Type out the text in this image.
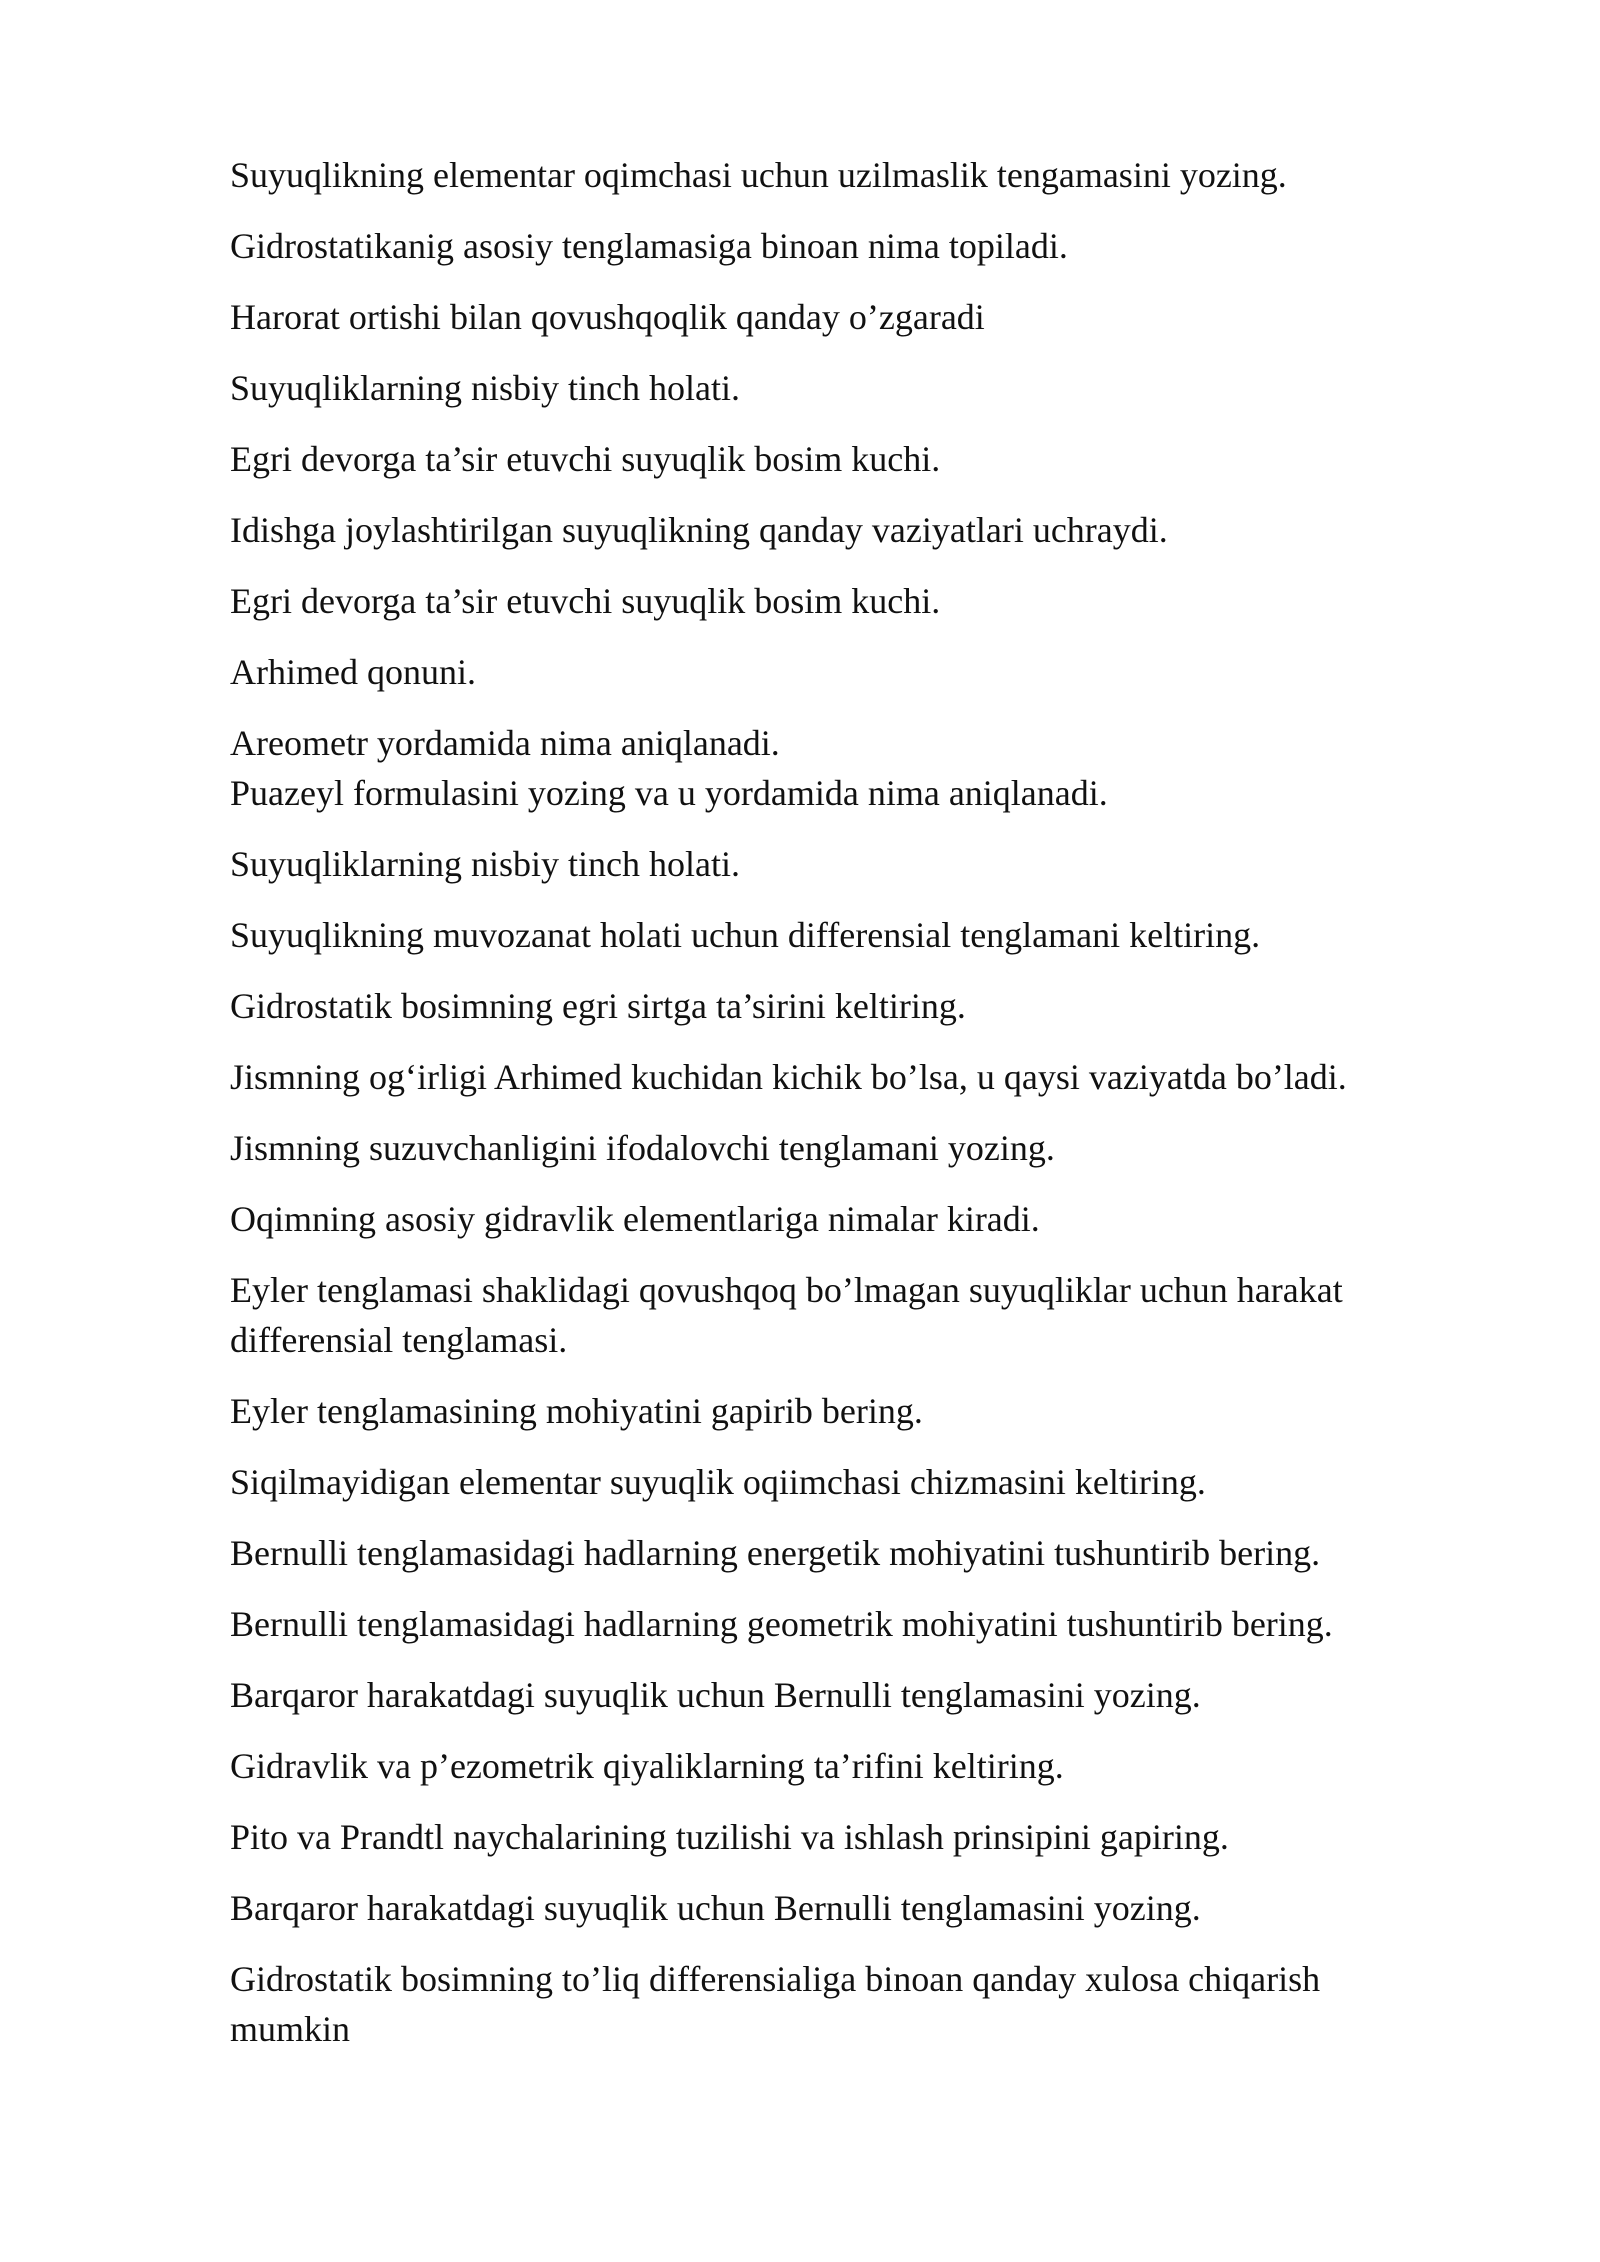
Suyuqlikning elementar oqimchasi uchun uzilmaslik tengamasini yozing.

Gidrostatikanig asosiy tenglamasiga binoan nima topiladi.

Harorat ortishi bilan qovushqoqlik qanday o’zgaradi

Suyuqliklarning nisbiy tinch holati.

Egri devorga ta’sir etuvchi suyuqlik bosim kuchi.

Idishga joylashtirilgan suyuqlikning qanday vaziyatlari uchraydi.

Egri devorga ta’sir etuvchi suyuqlik bosim kuchi.

Arhimed qonuni.

Areometr yordamida nima aniqlanadi.

Puazeyl formulasini yozing va u yordamida nima aniqlanadi.

Suyuqliklarning nisbiy tinch holati.

Suyuqlikning muvozanat holati uchun differensial tenglamani keltiring.

Gidrostatik bosimning egri sirtga ta’sirini keltiring.

Jismning og‘irligi Arhimed kuchidan kichik bo’lsa, u qaysi vaziyatda bo’ladi.

Jismning suzuvchanligini ifodalovchi tenglamani yozing.

Oqimning asosiy gidravlik elementlariga nimalar kiradi.

Eyler tenglamasi shaklidagi qovushqoq bo’lmagan suyuqliklar uchun harakat differensial tenglamasi.

Eyler tenglamasining mohiyatini gapirib bering.

Siqilmayidigan elementar suyuqlik oqiimchasi chizmasini keltiring.

Bernulli tenglamasidagi hadlarning energetik mohiyatini tushuntirib bering.

Bernulli tenglamasidagi hadlarning geometrik mohiyatini tushuntirib bering.

Barqaror harakatdagi suyuqlik uchun Bernulli tenglamasini yozing.

Gidravlik va p’ezometrik qiyaliklarning ta’rifini keltiring.

Pito va Prandtl naychalarining tuzilishi va ishlash prinsipini gapiring.

Barqaror harakatdagi suyuqlik uchun Bernulli tenglamasini yozing.

Gidrostatik bosimning to’liq differensialiga binoan qanday xulosa chiqarish mumkin
